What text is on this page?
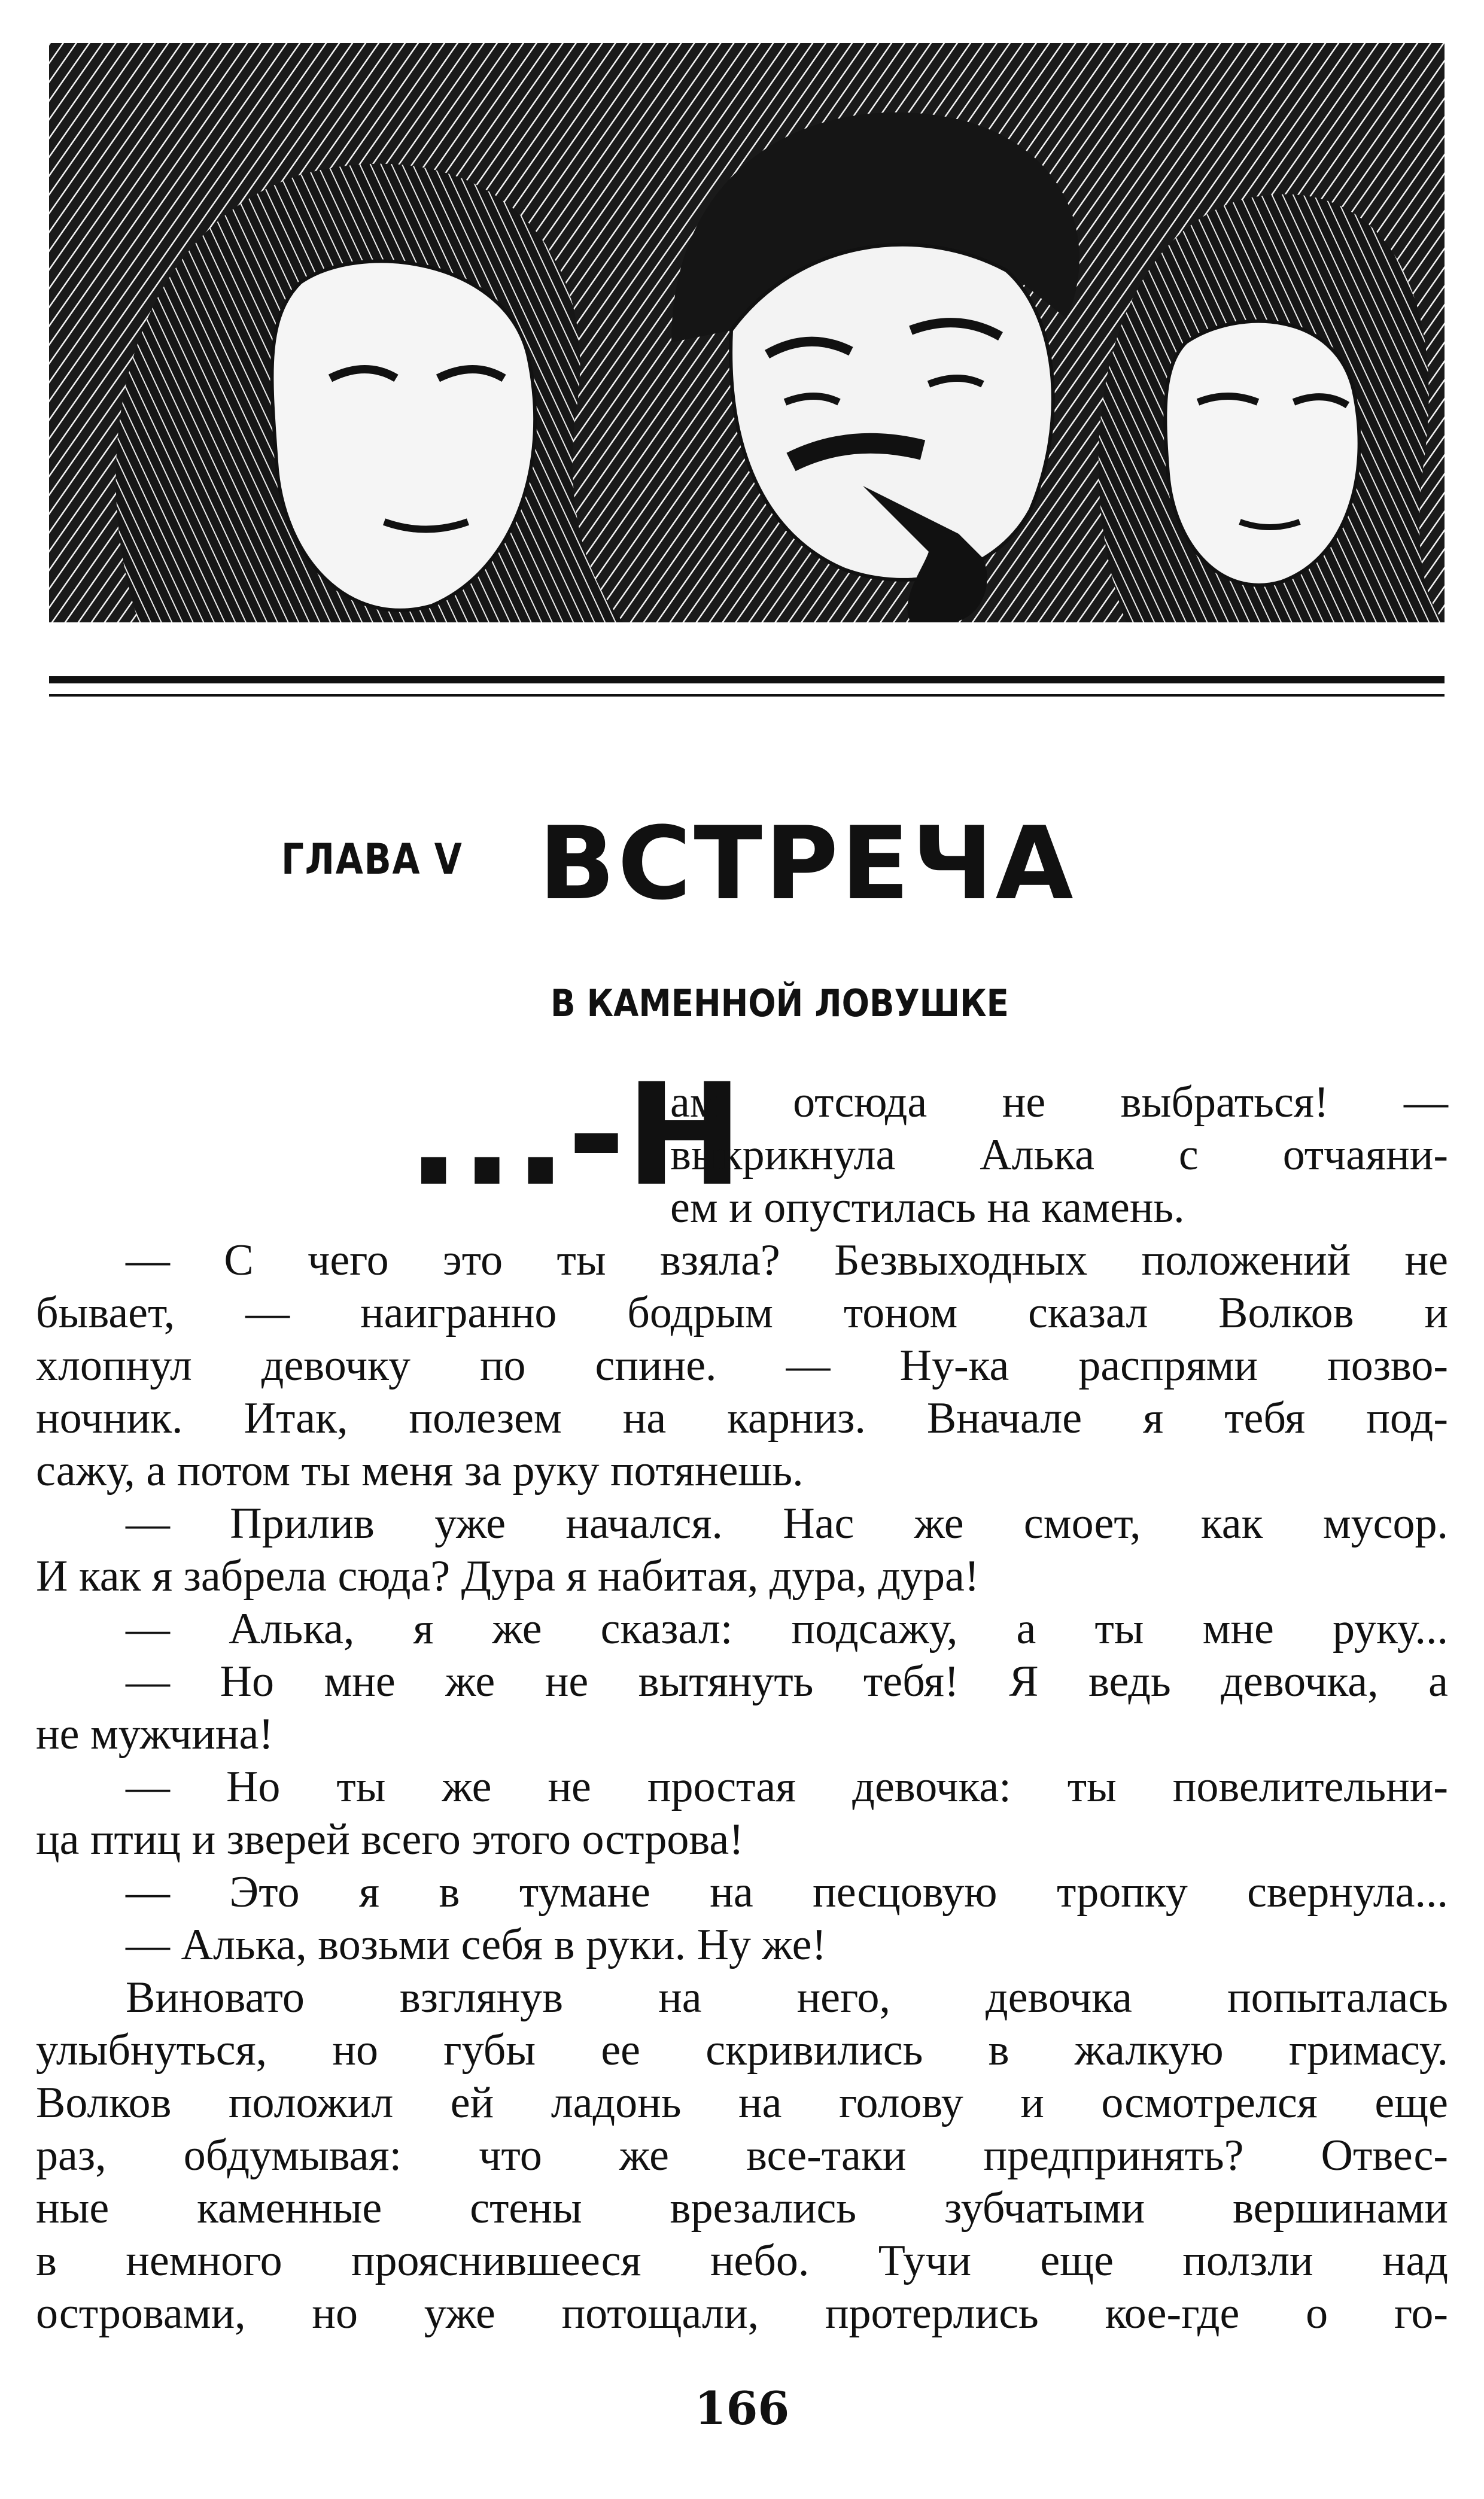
ГЛАВА V ВСТРЕЧА
В КАМЕННОЙ ЛОВУШКЕ
...-Н
ам отсюда не выбраться! —
выкрикнула Алька с отчаяни-
ем и опустилась на камень.
— С чего это ты взяла? Безвыходных положений не
бывает, — наигранно бодрым тоном сказал Волков и
хлопнул девочку по спине. — Ну-ка распрями позво-
ночник. Итак, полезем на карниз. Вначале я тебя под-
сажу, а потом ты меня за руку потянешь.
— Прилив уже начался. Нас же смоет, как мусор.
И как я забрела сюда? Дура я набитая, дура, дура!
— Алька, я же сказал: подсажу, а ты мне руку...
— Но мне же не вытянуть тебя! Я ведь девочка, а
не мужчина!
— Но ты же не простая девочка: ты повелительни-
ца птиц и зверей всего этого острова!
— Это я в тумане на песцовую тропку свернула...
— Алька, возьми себя в руки. Ну же!
Виновато взглянув на него, девочка попыталась
улыбнуться, но губы ее скривились в жалкую гримасу.
Волков положил ей ладонь на голову и осмотрелся еще
раз, обдумывая: что же все-таки предпринять? Отвес-
ные каменные стены врезались зубчатыми вершинами
в немного прояснившееся небо. Тучи еще ползли над
островами, но уже потощали, протерлись кое-где о го-
166
